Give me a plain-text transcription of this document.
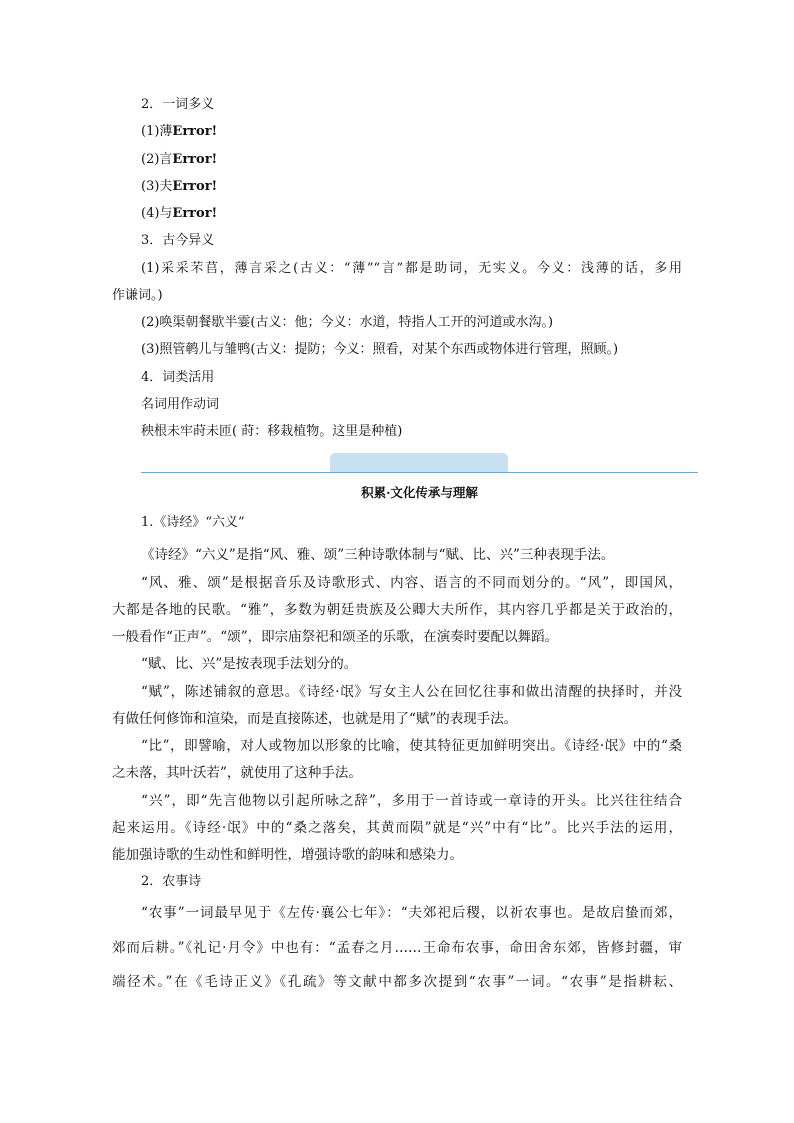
2．一词多义
(1)薄Error!
(2)言Error!
(3)夫Error!
(4)与Error!
3．古今异义
(1)采采芣苢，薄言采之(古义：“薄”“言”都是助词，无实义。今义：浅薄的话，多用
作谦词。)
(2)唤渠朝餐歇半霎(古义：他；今义：水道，特指人工开的河道或水沟。)
(3)照管鹌儿与雏鸭(古义：提防；今义：照看，对某个东西或物体进行管理，照顾。)
4．词类活用
名词用作动词
秧根未牢莳未匝( 莳：移栽植物。这里是种植)
积累·文化传承与理解
1.《诗经》“六义”
《诗经》“六义”是指“风、雅、颂”三种诗歌体制与“赋、比、兴”三种表现手法。
“风、雅、颂”是根据音乐及诗歌形式、内容、语言的不同而划分的。“风”，即国风，
大都是各地的民歌。“雅”，多数为朝廷贵族及公卿大夫所作，其内容几乎都是关于政治的，
一般看作“正声”。“颂”，即宗庙祭祀和颂圣的乐歌，在演奏时要配以舞蹈。
“赋、比、兴”是按表现手法划分的。
“赋”，陈述铺叙的意思。《诗经·氓》写女主人公在回忆往事和做出清醒的抉择时，并没
有做任何修饰和渲染，而是直接陈述，也就是用了“赋”的表现手法。
“比”，即譬喻，对人或物加以形象的比喻，使其特征更加鲜明突出。《诗经·氓》中的“桑
之未落，其叶沃若”，就使用了这种手法。
“兴”，即“先言他物以引起所咏之辞”，多用于一首诗或一章诗的开头。比兴往往结合
起来运用。《诗经·氓》中的“桑之落矣，其黄而陨”就是“兴”中有“比”。比兴手法的运用，
能加强诗歌的生动性和鲜明性，增强诗歌的韵味和感染力。
2．农事诗
“农事”一词最早见于《左传·襄公七年》：“夫郊祀后稷，以祈农事也。是故启蛰而郊，
郊而后耕。”《礼记·月令》中也有：“孟春之月……王命布农事，命田舍东郊，皆修封疆，审
端径术。”在《毛诗正义》《孔疏》等文献中都多次提到“农事”一词。“农事”是指耕耘、
